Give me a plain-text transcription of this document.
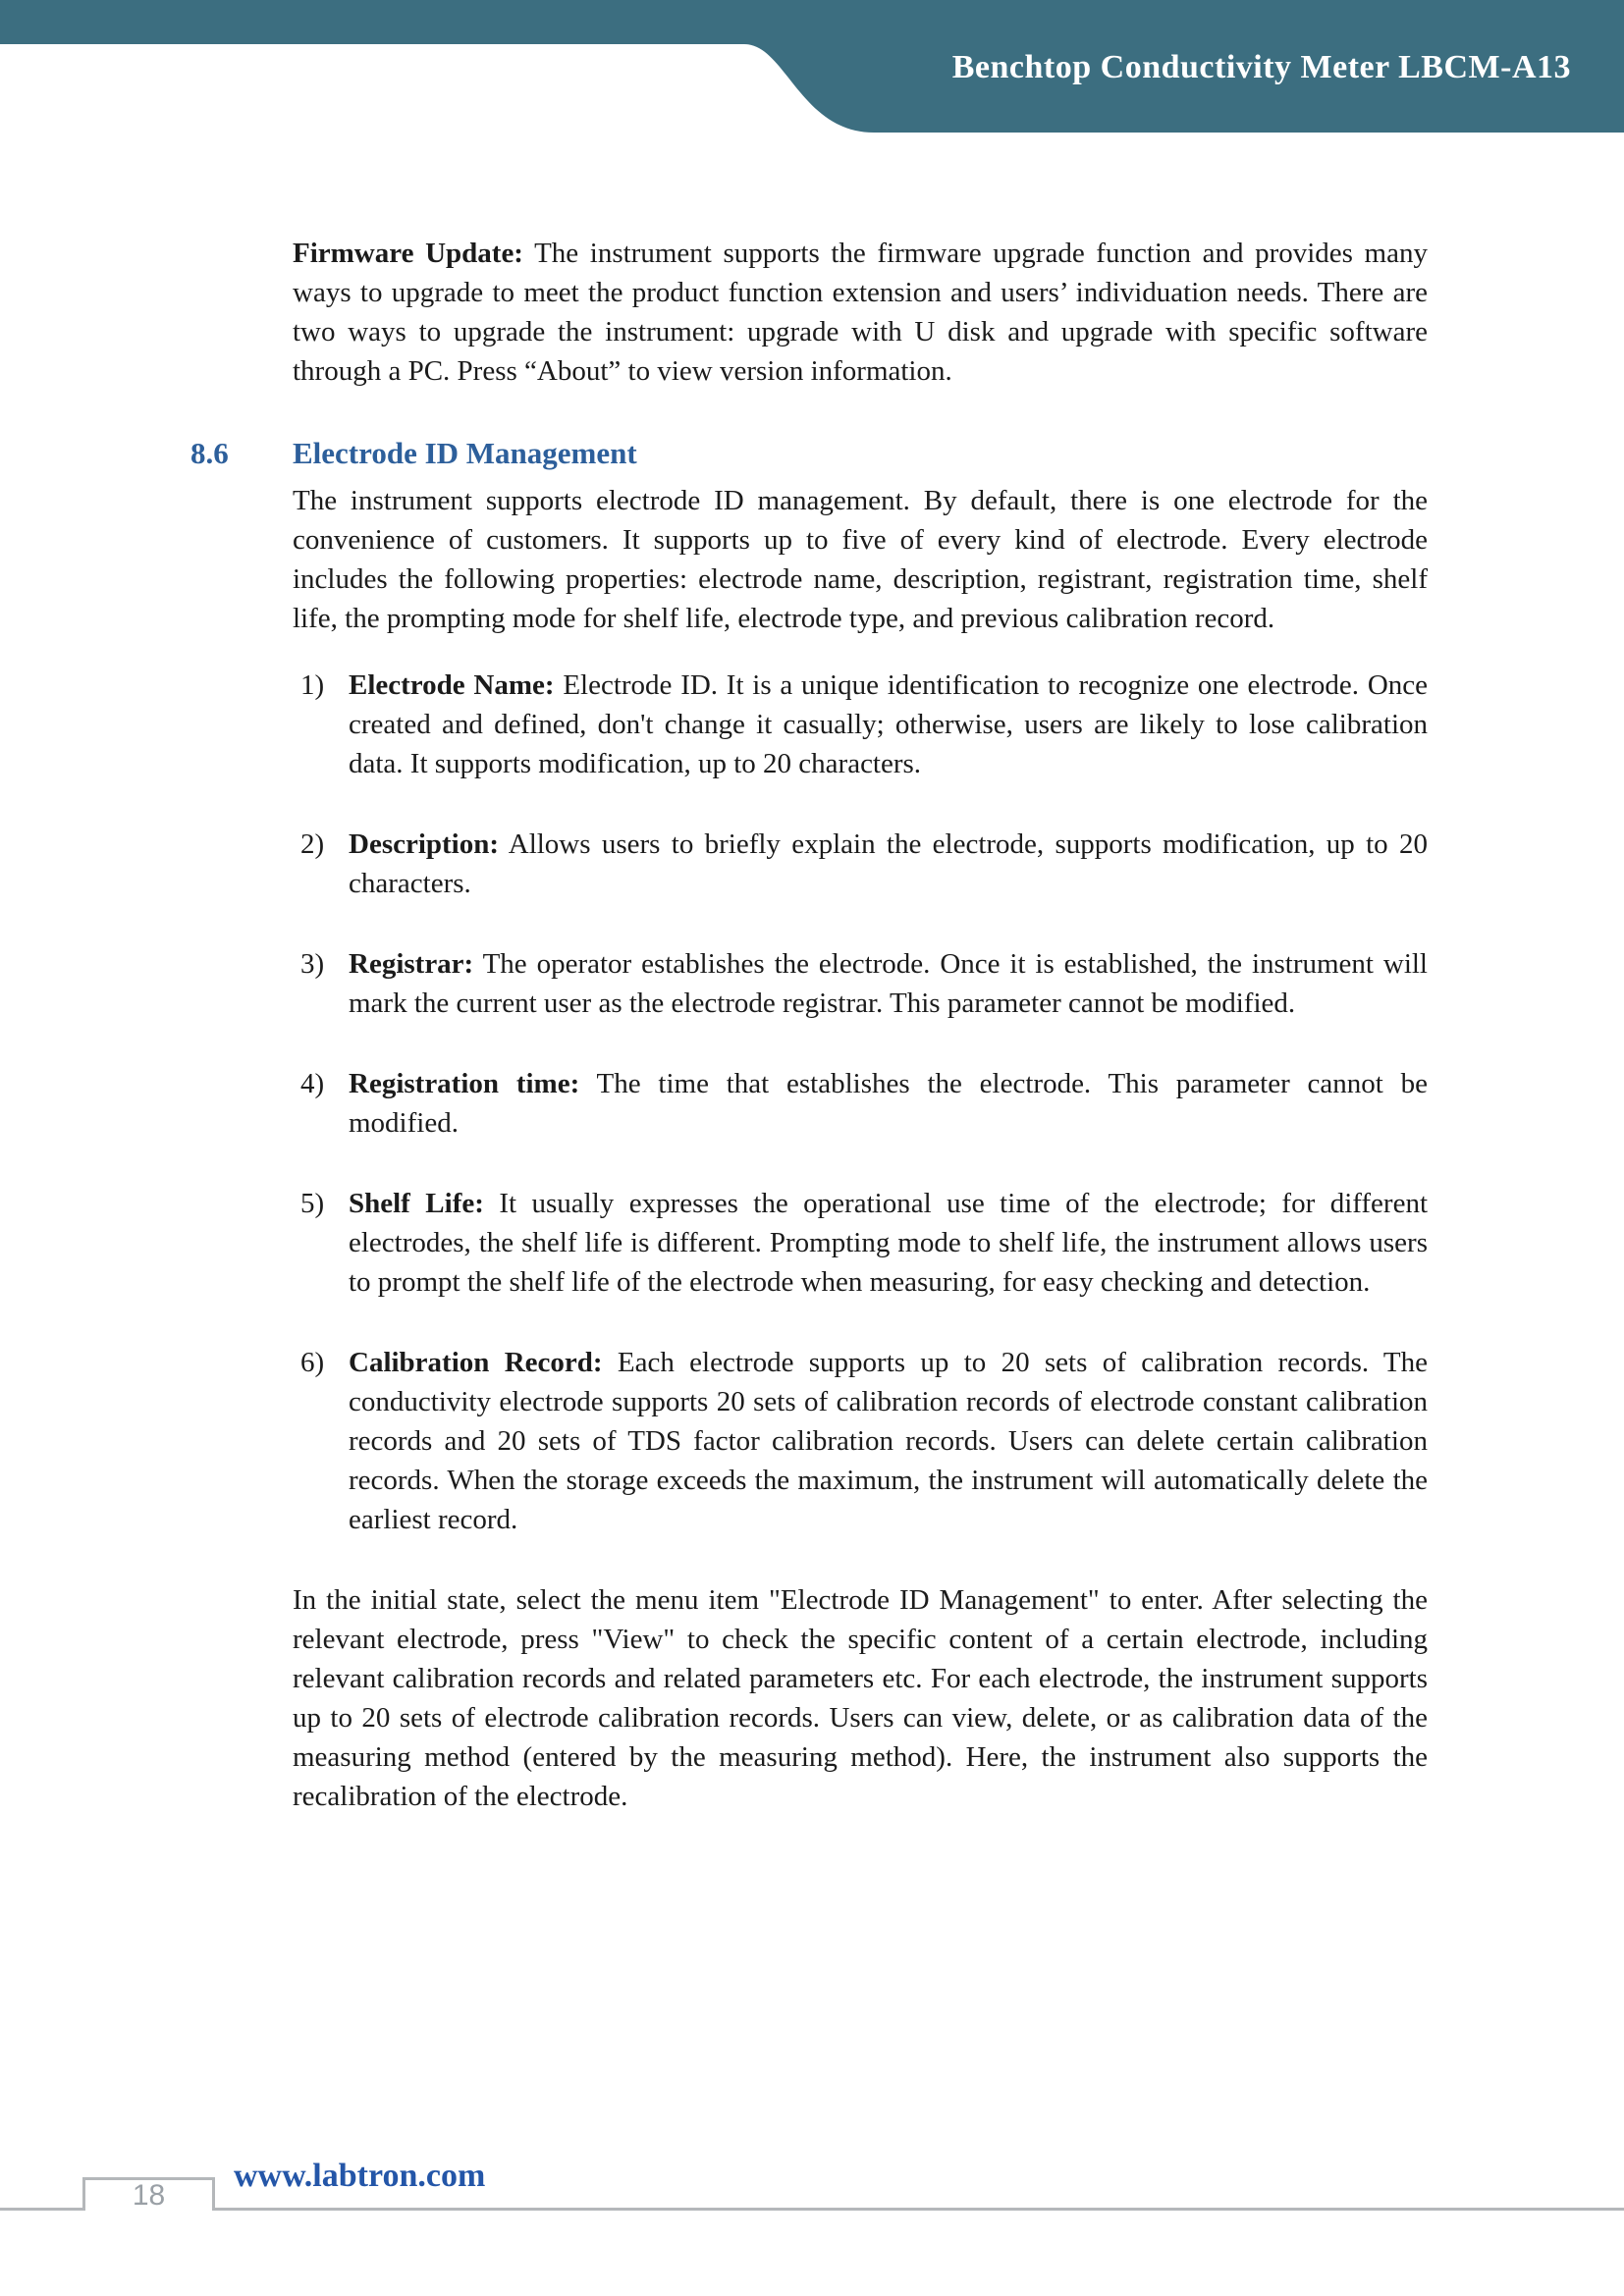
Benchtop Conductivity Meter LBCM-A13

Firmware Update: The instrument supports the firmware upgrade function and provides many ways to upgrade to meet the product function extension and users’ individuation needs. There are two ways to upgrade the instrument: upgrade with U disk and upgrade with specific software through a PC. Press “About” to view version information.

8.6 Electrode ID Management

The instrument supports electrode ID management. By default, there is one electrode for the convenience of customers. It supports up to five of every kind of electrode. Every electrode includes the following properties: electrode name, description, registrant, registration time, shelf life, the prompting mode for shelf life, electrode type, and previous calibration record.

1) Electrode Name: Electrode ID. It is a unique identification to recognize one electrode. Once created and defined, don't change it casually; otherwise, users are likely to lose calibration data. It supports modification, up to 20 characters.
2) Description: Allows users to briefly explain the electrode, supports modification, up to 20 characters.
3) Registrar: The operator establishes the electrode. Once it is established, the instrument will mark the current user as the electrode registrar. This parameter cannot be modified.
4) Registration time: The time that establishes the electrode. This parameter cannot be modified.
5) Shelf Life: It usually expresses the operational use time of the electrode; for different electrodes, the shelf life is different. Prompting mode to shelf life, the instrument allows users to prompt the shelf life of the electrode when measuring, for easy checking and detection.
6) Calibration Record: Each electrode supports up to 20 sets of calibration records. The conductivity electrode supports 20 sets of calibration records of electrode constant calibration records and 20 sets of TDS factor calibration records. Users can delete certain calibration records. When the storage exceeds the maximum, the instrument will automatically delete the earliest record.

In the initial state, select the menu item "Electrode ID Management" to enter. After selecting the relevant electrode, press "View" to check the specific content of a certain electrode, including relevant calibration records and related parameters etc. For each electrode, the instrument supports up to 20 sets of electrode calibration records. Users can view, delete, or as calibration data of the measuring method (entered by the measuring method). Here, the instrument also supports the recalibration of the electrode.

18
www.labtron.com
